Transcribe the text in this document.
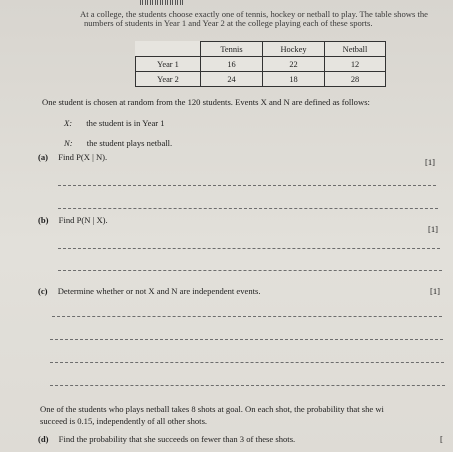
At a college, the students choose exactly one of tennis, hockey or netball to play. The table shows the
numbers of students in Year 1 and Year 2 at the college playing each of these sports.
	Tennis	Hockey	Netball
Year 1	16	22	12
Year 2	24	18	28
One student is chosen at random from the 120 students. Events X and N are defined as follows:
X: the student is in Year 1
N: the student plays netball.
(a) Find P(X | N).	[1]
(b) Find P(N | X).
[1]
(c) Determine whether or not X and N are independent events.	[1]
One of the students who plays netball takes 8 shots at goal. On each shot, the probability that she wi
succeed is 0.15, independently of all other shots.
(d) Find the probability that she succeeds on fewer than 3 of these shots.	[
